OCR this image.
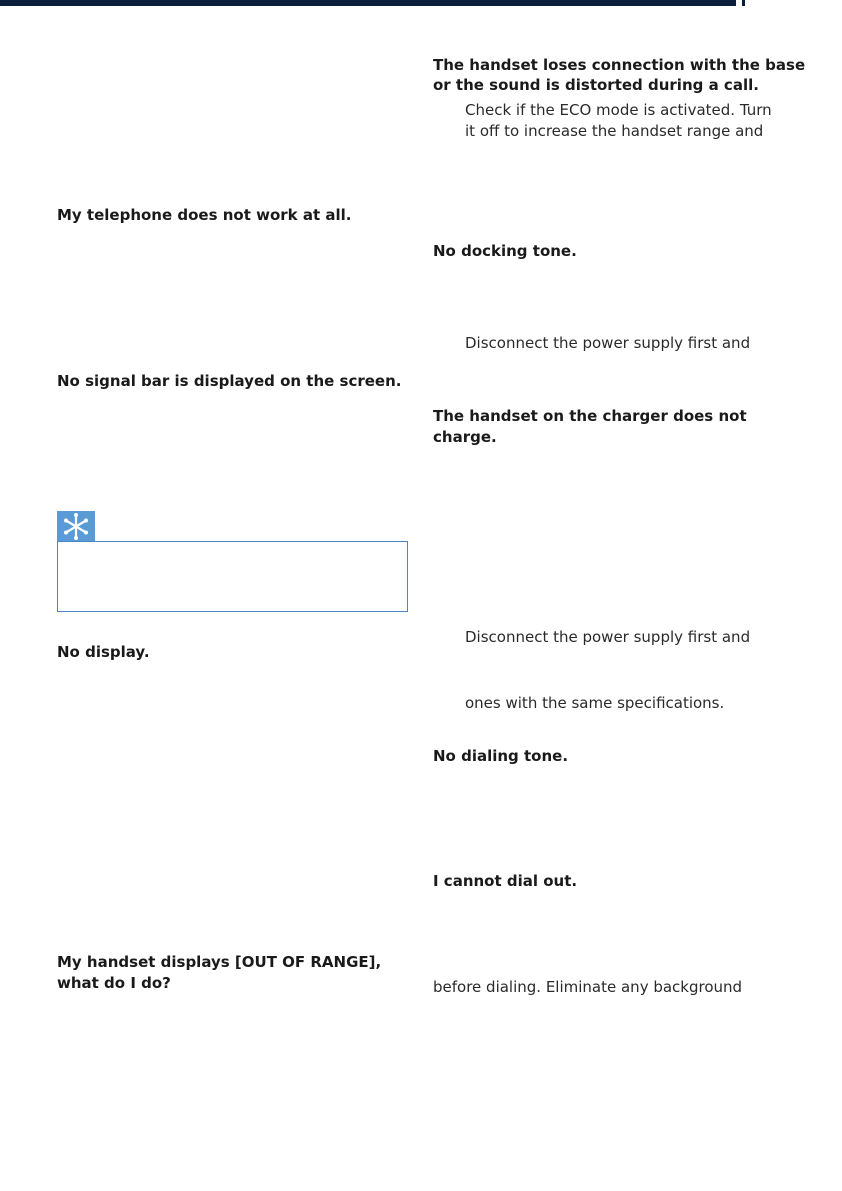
My telephone does not work at all.

No signal bar is displayed on the screen.

No display.

My handset displays [OUT OF RANGE],

what do I do?

The handset loses connection with the base

or the sound is distorted during a call.

Check if the ECO mode is activated. Turn

it off to increase the handset range and

No docking tone.

Disconnect the power supply first and

The handset on the charger does not

charge.

Disconnect the power supply first and

ones with the same specifications.

No dialing tone.

I cannot dial out.

before dialing. Eliminate any background
